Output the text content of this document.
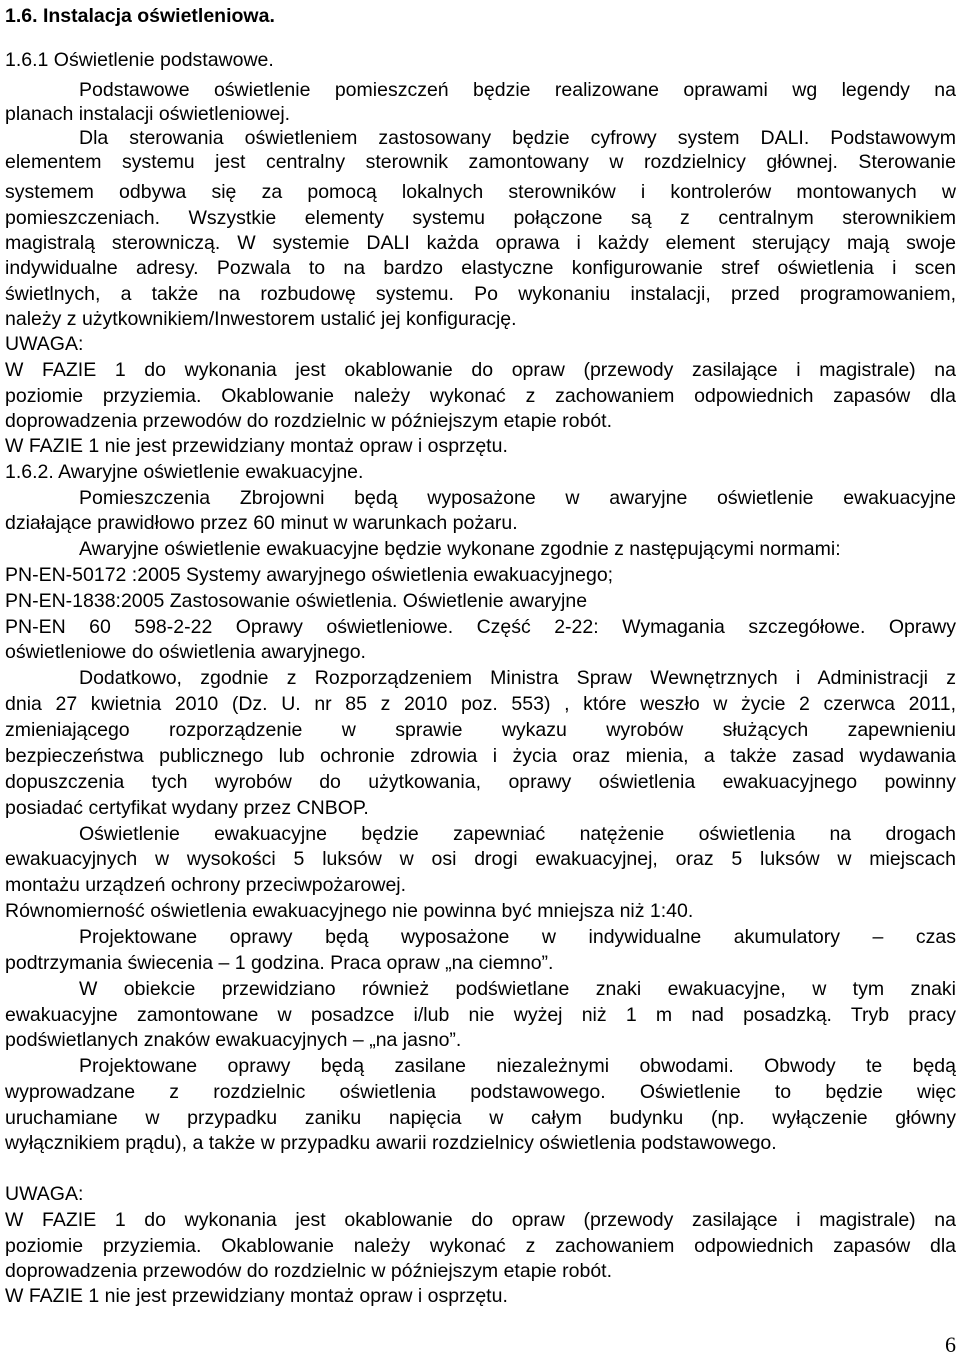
1.6. Instalacja oświetleniowa.

1.6.1 Oświetlenie podstawowe.

Podstawowe oświetlenie pomieszczeń będzie realizowane oprawami wg legendy na

planach instalacji oświetleniowej.

Dla sterowania oświetleniem zastosowany będzie cyfrowy system DALI. Podstawowym

elementem systemu jest centralny sterownik zamontowany w rozdzielnicy głównej. Sterowanie

systemem odbywa się za pomocą lokalnych sterowników i kontrolerów montowanych w

pomieszczeniach. Wszystkie elementy systemu połączone są z centralnym sterownikiem

magistralą sterowniczą. W systemie DALI każda oprawa i każdy element sterujący mają swoje

indywidualne adresy. Pozwala to na bardzo elastyczne konfigurowanie stref oświetlenia i scen

świetlnych, a także na rozbudowę systemu. Po wykonaniu instalacji, przed programowaniem,

należy z użytkownikiem/Inwestorem ustalić jej konfigurację.

UWAGA:

W FAZIE 1 do wykonania jest okablowanie do opraw (przewody zasilające i magistrale) na

poziomie przyziemia. Okablowanie należy wykonać z zachowaniem odpowiednich zapasów dla

doprowadzenia przewodów do rozdzielnic w późniejszym etapie robót.

W FAZIE 1 nie jest przewidziany montaż opraw i osprzętu.

1.6.2. Awaryjne oświetlenie ewakuacyjne.

Pomieszczenia Zbrojowni będą wyposażone w awaryjne oświetlenie ewakuacyjne

działające prawidłowo przez 60 minut w warunkach pożaru.

Awaryjne oświetlenie ewakuacyjne będzie wykonane zgodnie z następującymi normami:

PN-EN-50172 :2005 Systemy awaryjnego oświetlenia ewakuacyjnego;

PN-EN-1838:2005 Zastosowanie oświetlenia. Oświetlenie awaryjne

PN-EN 60 598-2-22 Oprawy oświetleniowe. Część 2-22: Wymagania szczegółowe. Oprawy

oświetleniowe do oświetlenia awaryjnego.

Dodatkowo, zgodnie z Rozporządzeniem Ministra Spraw Wewnętrznych i Administracji z

dnia 27 kwietnia 2010 (Dz. U. nr 85 z 2010 poz. 553) , które weszło w życie 2 czerwca 2011,

zmieniającego rozporządzenie w sprawie wykazu wyrobów służących zapewnieniu

bezpieczeństwa publicznego lub ochronie zdrowia i życia oraz mienia, a także zasad wydawania

dopuszczenia tych wyrobów do użytkowania, oprawy oświetlenia ewakuacyjnego powinny

posiadać certyfikat wydany przez CNBOP.

Oświetlenie ewakuacyjne będzie zapewniać natężenie oświetlenia na drogach

ewakuacyjnych w wysokości 5 luksów w osi drogi ewakuacyjnej, oraz 5 luksów w miejscach

montażu urządzeń ochrony przeciwpożarowej.

Równomierność oświetlenia ewakuacyjnego nie powinna być mniejsza niż 1:40.

Projektowane oprawy będą wyposażone w indywidualne akumulatory – czas

podtrzymania świecenia – 1 godzina. Praca opraw „na ciemno”.

W obiekcie przewidziano również podświetlane znaki ewakuacyjne, w tym znaki

ewakuacyjne zamontowane w posadzce i/lub nie wyżej niż 1 m nad posadzką. Tryb pracy

podświetlanych znaków ewakuacyjnych – „na jasno”.

Projektowane oprawy będą zasilane niezależnymi obwodami. Obwody te będą

wyprowadzane z rozdzielnic oświetlenia podstawowego. Oświetlenie to będzie więc

uruchamiane w przypadku zaniku napięcia w całym budynku (np. wyłączenie główny

wyłącznikiem prądu), a także w przypadku awarii rozdzielnicy oświetlenia podstawowego.

UWAGA:

W FAZIE 1 do wykonania jest okablowanie do opraw (przewody zasilające i magistrale) na

poziomie przyziemia. Okablowanie należy wykonać z zachowaniem odpowiednich zapasów dla

doprowadzenia przewodów do rozdzielnic w późniejszym etapie robót.

W FAZIE 1 nie jest przewidziany montaż opraw i osprzętu.

6
